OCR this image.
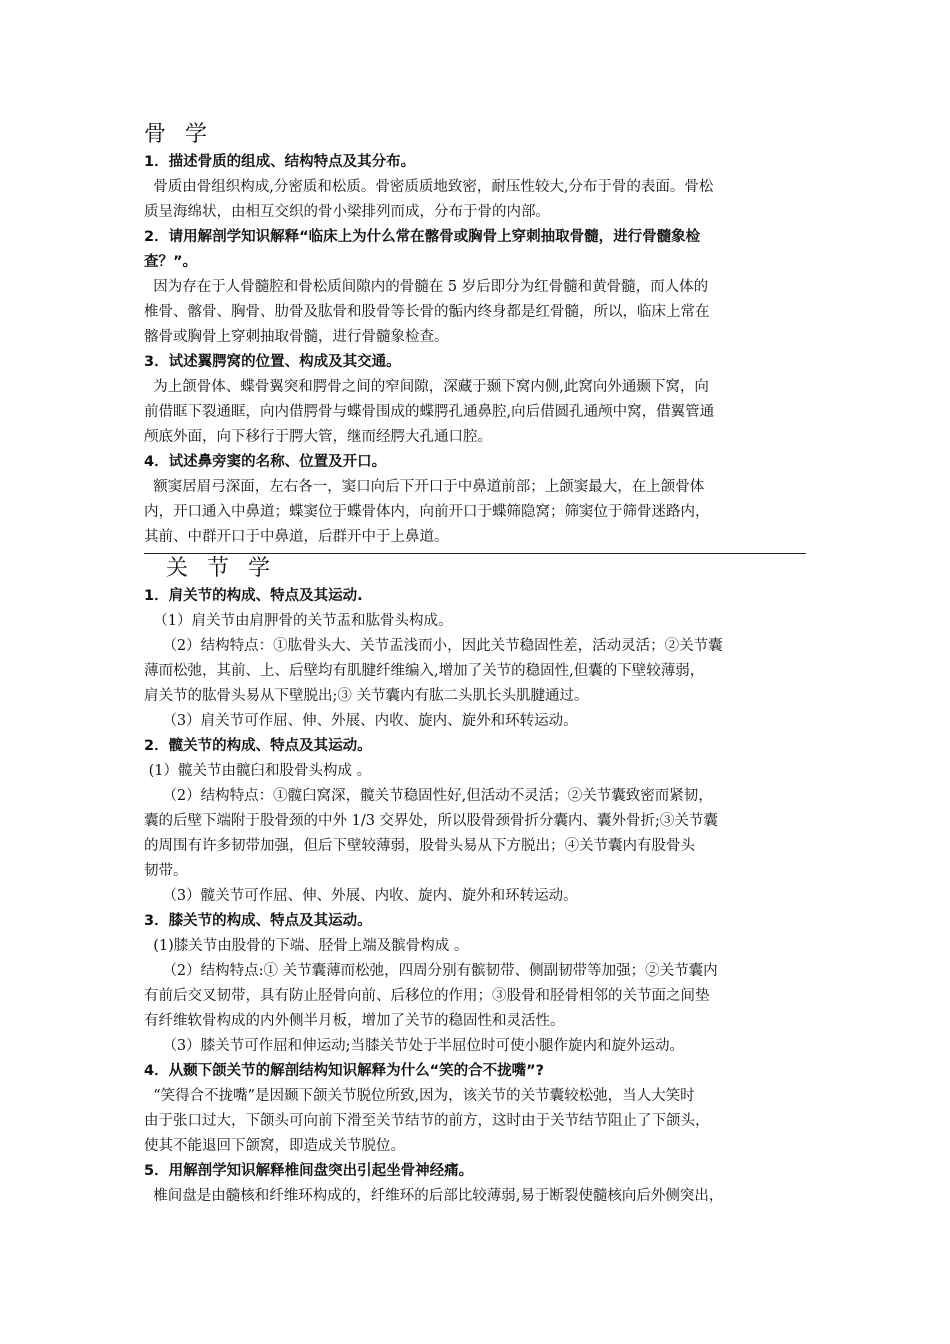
骨 学

1．描述骨质的组成、结构特点及其分布。

骨质由骨组织构成,分密质和松质。骨密质质地致密，耐压性较大,分布于骨的表面。骨松

质呈海绵状，由相互交织的骨小梁排列而成，分布于骨的内部。

2．请用解剖学知识解释“临床上为什么常在髂骨或胸骨上穿刺抽取骨髓，进行骨髓象检

查？”。

因为存在于人骨髓腔和骨松质间隙内的骨髓在 5 岁后即分为红骨髓和黄骨髓，而人体的

椎骨、髂骨、胸骨、肋骨及肱骨和股骨等长骨的骺内终身都是红骨髓，所以，临床上常在

髂骨或胸骨上穿刺抽取骨髓，进行骨髓象检查。

3．试述翼腭窝的位置、构成及其交通。

为上颌骨体、蝶骨翼突和腭骨之间的窄间隙，深藏于颞下窝内侧,此窝向外通颞下窝，向

前借眶下裂通眶，向内借腭骨与蝶骨围成的蝶腭孔通鼻腔,向后借圆孔通颅中窝，借翼管通

颅底外面，向下移行于腭大管，继而经腭大孔通口腔。

4．试述鼻旁窦的名称、位置及开口。

额窦居眉弓深面，左右各一，窦口向后下开口于中鼻道前部；上颌窦最大，在上颌骨体

内，开口通入中鼻道；蝶窦位于蝶骨体内，向前开口于蝶筛隐窝；筛窦位于筛骨迷路内，

其前、中群开口于中鼻道，后群开中于上鼻道。

关 节 学

1．肩关节的构成、特点及其运动.

（1）肩关节由肩胛骨的关节盂和肱骨头构成。

（2）结构特点：①肱骨头大、关节盂浅而小，因此关节稳固性差，活动灵活；②关节囊

薄而松弛，其前、上、后壁均有肌腱纤维编入,增加了关节的稳固性,但囊的下壁较薄弱，

肩关节的肱骨头易从下壁脱出;③ 关节囊内有肱二头肌长头肌腱通过。

（3）肩关节可作屈、伸、外展、内收、旋内、旋外和环转运动。

2．髋关节的构成、特点及其运动。

(1）髋关节由髋臼和股骨头构成 。

（2）结构特点：①髋臼窝深，髋关节稳固性好,但活动不灵活；②关节囊致密而紧韧，

囊的后壁下端附于股骨颈的中外 1/3 交界处，所以股骨颈骨折分囊内、囊外骨折;③关节囊

的周围有许多韧带加强，但后下壁较薄弱，股骨头易从下方脱出；④关节囊内有股骨头

韧带。

（3）髋关节可作屈、伸、外展、内收、旋内、旋外和环转运动。

3．膝关节的构成、特点及其运动。

(1)膝关节由股骨的下端、胫骨上端及髌骨构成 。

（2）结构特点:① 关节囊薄而松弛，四周分别有髌韧带、侧副韧带等加强；②关节囊内

有前后交叉韧带，具有防止胫骨向前、后移位的作用；③股骨和胫骨相邻的关节面之间垫

有纤维软骨构成的内外侧半月板，增加了关节的稳固性和灵活性。

（3）膝关节可作屈和伸运动;当膝关节处于半屈位时可使小腿作旋内和旋外运动。

4．从颞下颌关节的解剖结构知识解释为什么“笑的合不拢嘴”?

“笑得合不拢嘴”是因颞下颌关节脱位所致,因为，该关节的关节囊较松弛，当人大笑时

由于张口过大，下颌头可向前下滑至关节结节的前方，这时由于关节结节阻止了下颌头，

使其不能退回下颌窝，即造成关节脱位。

5．用解剖学知识解释椎间盘突出引起坐骨神经痛。

椎间盘是由髓核和纤维环构成的，纤维环的后部比较薄弱,易于断裂使髓核向后外侧突出，
